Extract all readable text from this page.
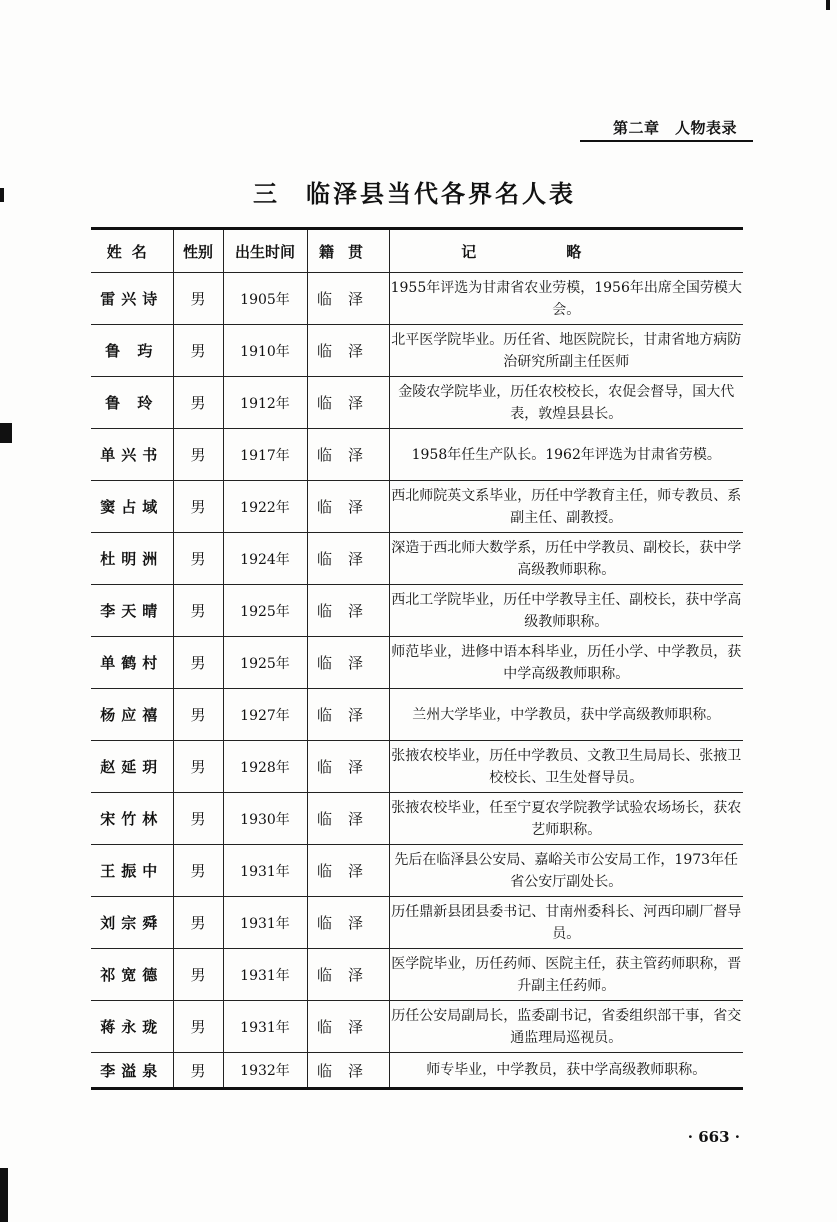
第二章　人物表录
三 临泽县当代各界名人表
姓名	性别	出生时间	籍贯	记略
雷兴诗	男	1905年	临泽	1955年评选为甘肃省农业劳模，1956年出席全国劳模大会。
鲁 玙	男	1910年	临泽	北平医学院毕业。历任省、地医院院长，甘肃省地方病防治研究所副主任医师
鲁 玲	男	1912年	临泽	金陵农学院毕业，历任农校校长，农促会督导，国大代表，敦煌县县长。
单兴书	男	1917年	临泽	1958年任生产队长。1962年评选为甘肃省劳模。
窦占域	男	1922年	临泽	西北师院英文系毕业，历任中学教育主任，师专教员、系副主任、副教授。
杜明洲	男	1924年	临泽	深造于西北师大数学系，历任中学教员、副校长，获中学高级教师职称。
李天晴	男	1925年	临泽	西北工学院毕业，历任中学教导主任、副校长，获中学高级教师职称。
单鹤村	男	1925年	临泽	师范毕业，进修中语本科毕业，历任小学、中学教员，获中学高级教师职称。
杨应禧	男	1927年	临泽	兰州大学毕业，中学教员，获中学高级教师职称。
赵延玥	男	1928年	临泽	张掖农校毕业，历任中学教员、文教卫生局局长、张掖卫校校长、卫生处督导员。
宋竹林	男	1930年	临泽	张掖农校毕业，任至宁夏农学院教学试验农场场长，获农艺师职称。
王振中	男	1931年	临泽	先后在临泽县公安局、嘉峪关市公安局工作，1973年任省公安厅副处长。
刘宗舜	男	1931年	临泽	历任鼎新县团县委书记、甘南州委科长、河西印刷厂督导员。
祁宽德	男	1931年	临泽	医学院毕业，历任药师、医院主任，获主管药师职称，晋升副主任药师。
蒋永珑	男	1931年	临泽	历任公安局副局长，监委副书记，省委组织部干事，省交通监理局巡视员。
李溢泉	男	1932年	临泽	师专毕业，中学教员，获中学高级教师职称。
· 663 ·
